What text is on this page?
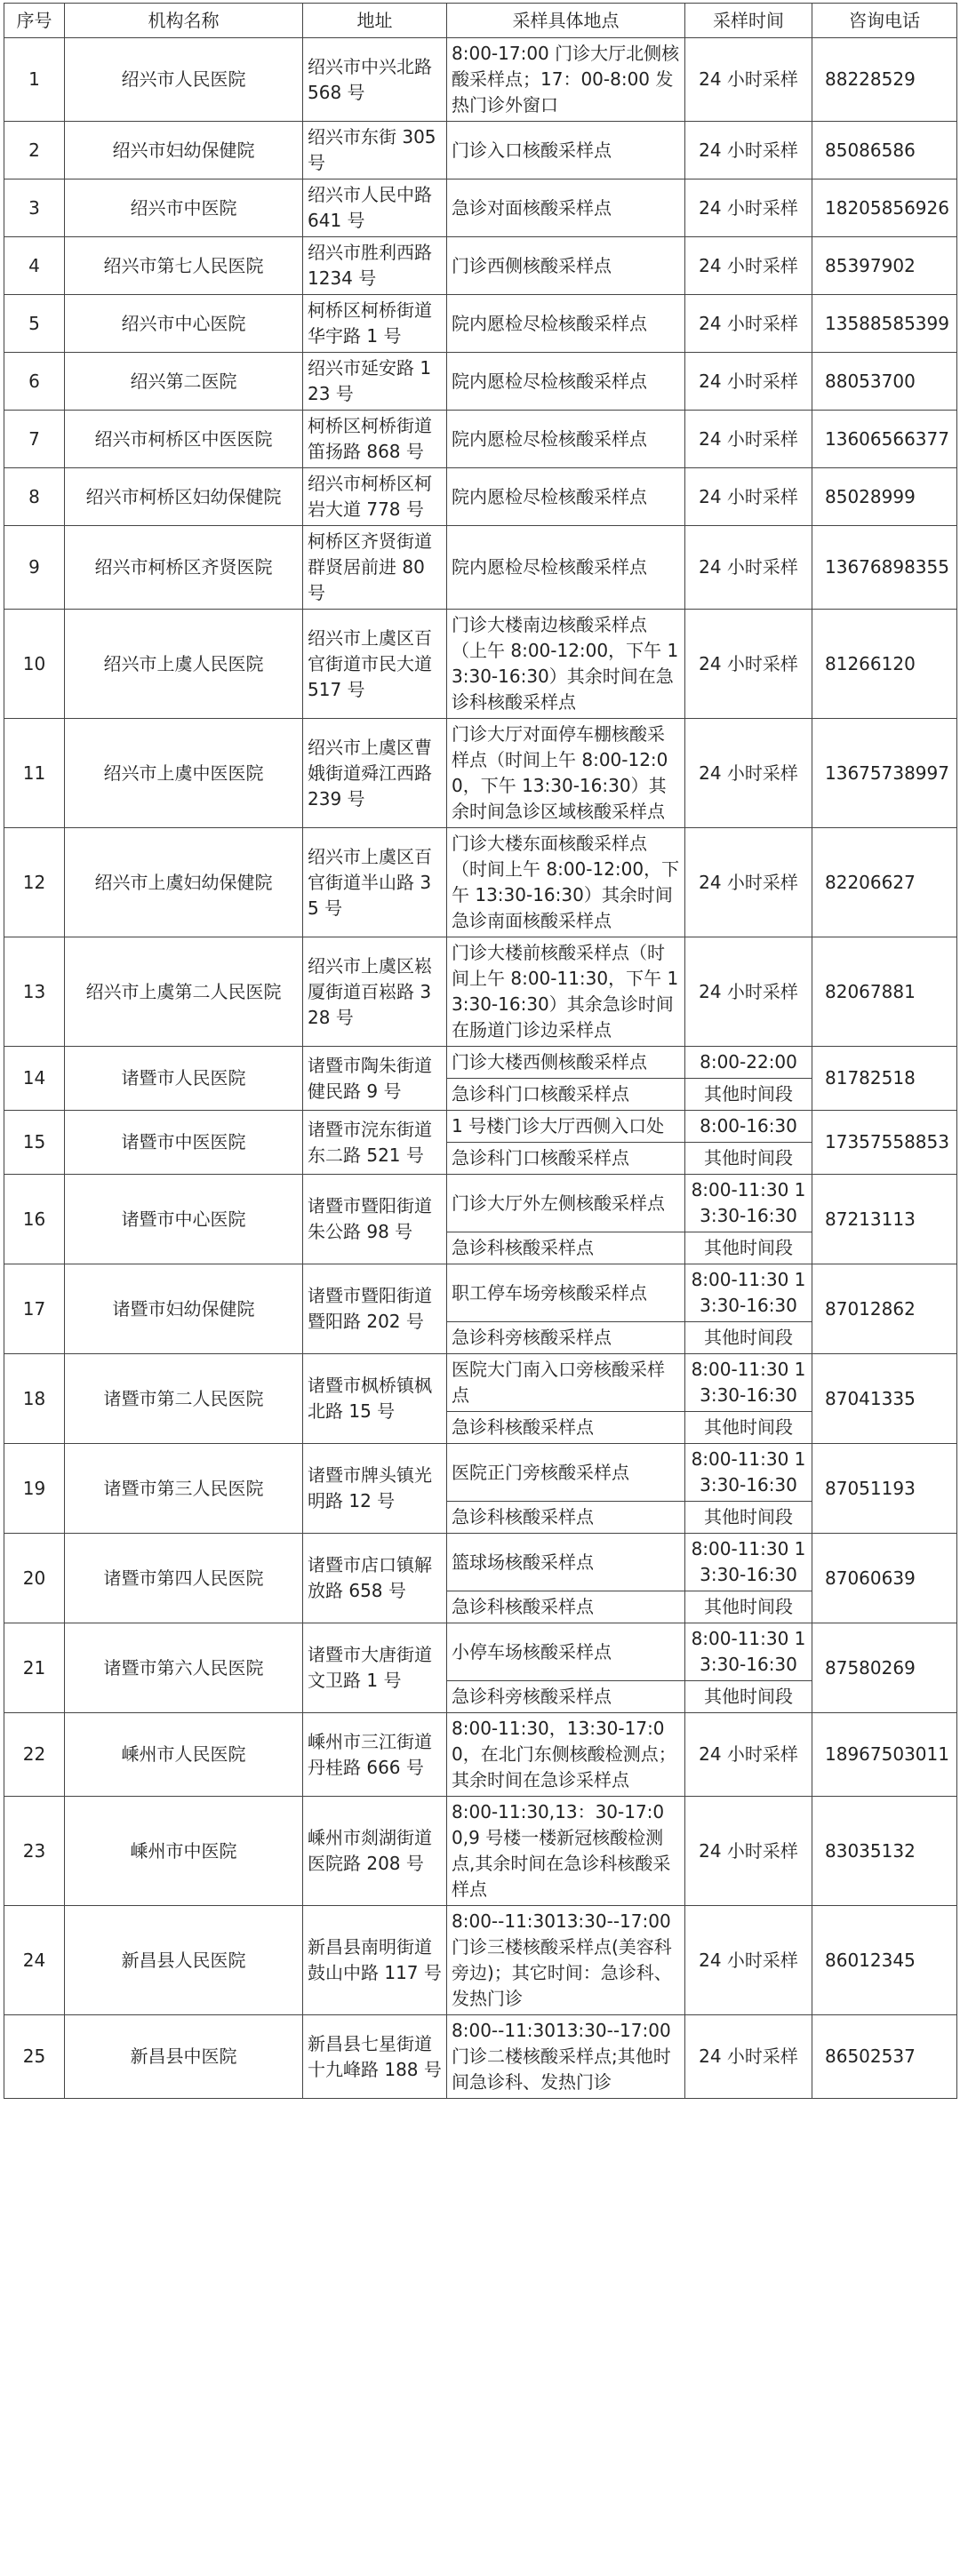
序号	机构名称	地址	采样具体地点	采样时间	咨询电话
1	绍兴市人民医院	绍兴市中兴北路 568 号	8:00-17:00 门诊大厅北侧核酸采样点；17：00-8:00 发热门诊外窗口	24 小时采样	88228529
2	绍兴市妇幼保健院	绍兴市东街 305 号	门诊入口核酸采样点	24 小时采样	85086586
3	绍兴市中医院	绍兴市人民中路 641 号	急诊对面核酸采样点	24 小时采样	18205856926
4	绍兴市第七人民医院	绍兴市胜利西路 1234 号	门诊西侧核酸采样点	24 小时采样	85397902
5	绍兴市中心医院	柯桥区柯桥街道华宇路 1 号	院内愿检尽检核酸采样点	24 小时采样	13588585399
6	绍兴第二医院	绍兴市延安路 123 号	院内愿检尽检核酸采样点	24 小时采样	88053700
7	绍兴市柯桥区中医医院	柯桥区柯桥街道笛扬路 868 号	院内愿检尽检核酸采样点	24 小时采样	13606566377
8	绍兴市柯桥区妇幼保健院	绍兴市柯桥区柯岩大道 778 号	院内愿检尽检核酸采样点	24 小时采样	85028999
9	绍兴市柯桥区齐贤医院	柯桥区齐贤街道群贤居前进 80 号	院内愿检尽检核酸采样点	24 小时采样	13676898355
10	绍兴市上虞人民医院	绍兴市上虞区百官街道市民大道 517 号	门诊大楼南边核酸采样点（上午 8:00-12:00，下午 13:30-16:30）其余时间在急诊科核酸采样点	24 小时采样	81266120
11	绍兴市上虞中医医院	绍兴市上虞区曹娥街道舜江西路 239 号	门诊大厅对面停车棚核酸采样点（时间上午 8:00-12:00，下午 13:30-16:30）其余时间急诊区域核酸采样点	24 小时采样	13675738997
12	绍兴市上虞妇幼保健院	绍兴市上虞区百官街道半山路 35 号	门诊大楼东面核酸采样点（时间上午 8:00-12:00，下午 13:30-16:30）其余时间急诊南面核酸采样点	24 小时采样	82206627
13	绍兴市上虞第二人民医院	绍兴市上虞区崧厦街道百崧路 328 号	门诊大楼前核酸采样点（时间上午 8:00-11:30，下午 13:30-16:30）其余急诊时间在肠道门诊边采样点	24 小时采样	82067881
14	诸暨市人民医院	诸暨市陶朱街道健民路 9 号	门诊大楼西侧核酸采样点	8:00-22:00	81782518
			急诊科门口核酸采样点	其他时间段	
15	诸暨市中医医院	诸暨市浣东街道东二路 521 号	1 号楼门诊大厅西侧入口处	8:00-16:30	17357558853
			急诊科门口核酸采样点	其他时间段	
16	诸暨市中心医院	诸暨市暨阳街道朱公路 98 号	门诊大厅外左侧核酸采样点	8:00-11:30 13:30-16:30	87213113
			急诊科核酸采样点	其他时间段	
17	诸暨市妇幼保健院	诸暨市暨阳街道暨阳路 202 号	职工停车场旁核酸采样点	8:00-11:30 13:30-16:30	87012862
			急诊科旁核酸采样点	其他时间段	
18	诸暨市第二人民医院	诸暨市枫桥镇枫北路 15 号	医院大门南入口旁核酸采样点	8:00-11:30 13:30-16:30	87041335
			急诊科核酸采样点	其他时间段	
19	诸暨市第三人民医院	诸暨市牌头镇光明路 12 号	医院正门旁核酸采样点	8:00-11:30 13:30-16:30	87051193
			急诊科核酸采样点	其他时间段	
20	诸暨市第四人民医院	诸暨市店口镇解放路 658 号	篮球场核酸采样点	8:00-11:30 13:30-16:30	87060639
			急诊科核酸采样点	其他时间段	
21	诸暨市第六人民医院	诸暨市大唐街道文卫路 1 号	小停车场核酸采样点	8:00-11:30 13:30-16:30	87580269
			急诊科旁核酸采样点	其他时间段	
22	嵊州市人民医院	嵊州市三江街道丹桂路 666 号	8:00-11:30，13:30-17:00，在北门东侧核酸检测点；其余时间在急诊采样点	24 小时采样	18967503011
23	嵊州市中医院	嵊州市剡湖街道医院路 208 号	8:00-11:30,13：30-17:00,9 号楼一楼新冠核酸检测点,其余时间在急诊科核酸采样点	24 小时采样	83035132
24	新昌县人民医院	新昌县南明街道鼓山中路 117 号	8:00--11:3013:30--17:00 门诊三楼核酸采样点(美容科旁边)；其它时间：急诊科、发热门诊	24 小时采样	86012345
25	新昌县中医院	新昌县七星街道十九峰路 188 号	8:00--11:3013:30--17:00 门诊二楼核酸采样点;其他时间急诊科、发热门诊	24 小时采样	86502537
